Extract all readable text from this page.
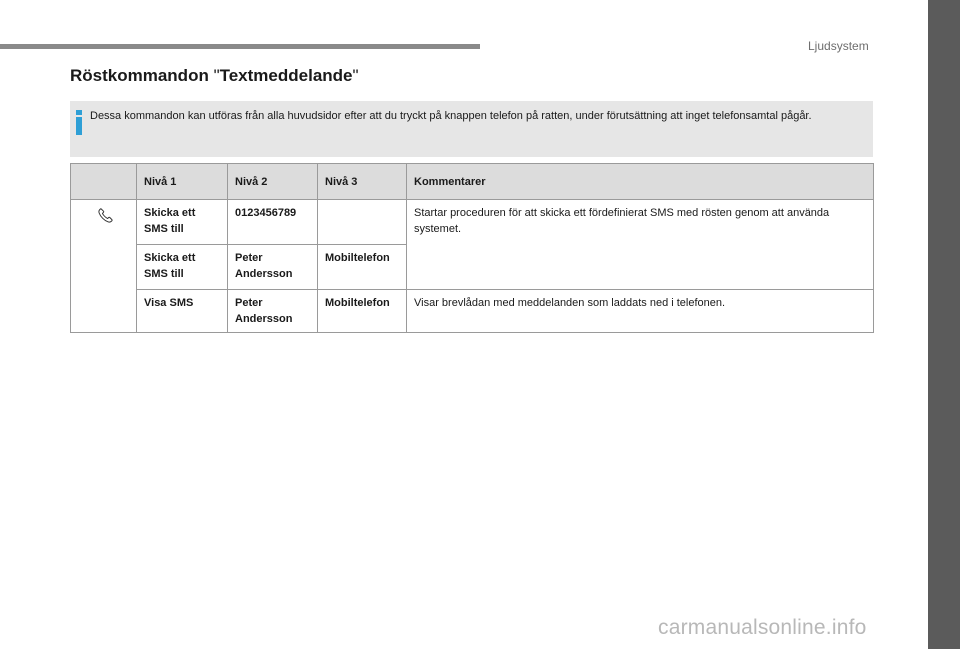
Ljudsystem
Röstkommandon "Textmeddelande"
Dessa kommandon kan utföras från alla huvudsidor efter att du tryckt på knappen telefon på ratten, under förutsättning att inget telefonsamtal pågår.
	Nivå 1	Nivå 2	Nivå 3	Kommentarer

	Skicka ett SMS till	0123456789		Startar proceduren för att skicka ett fördefinierat SMS med rösten genom att använda systemet.
	Skicka ett SMS till	Peter Andersson	Mobiltelefon	
	Visa SMS	Peter Andersson	Mobiltelefon	Visar brevlådan med meddelanden som laddats ned i telefonen.
13
carmanualsonline.info
